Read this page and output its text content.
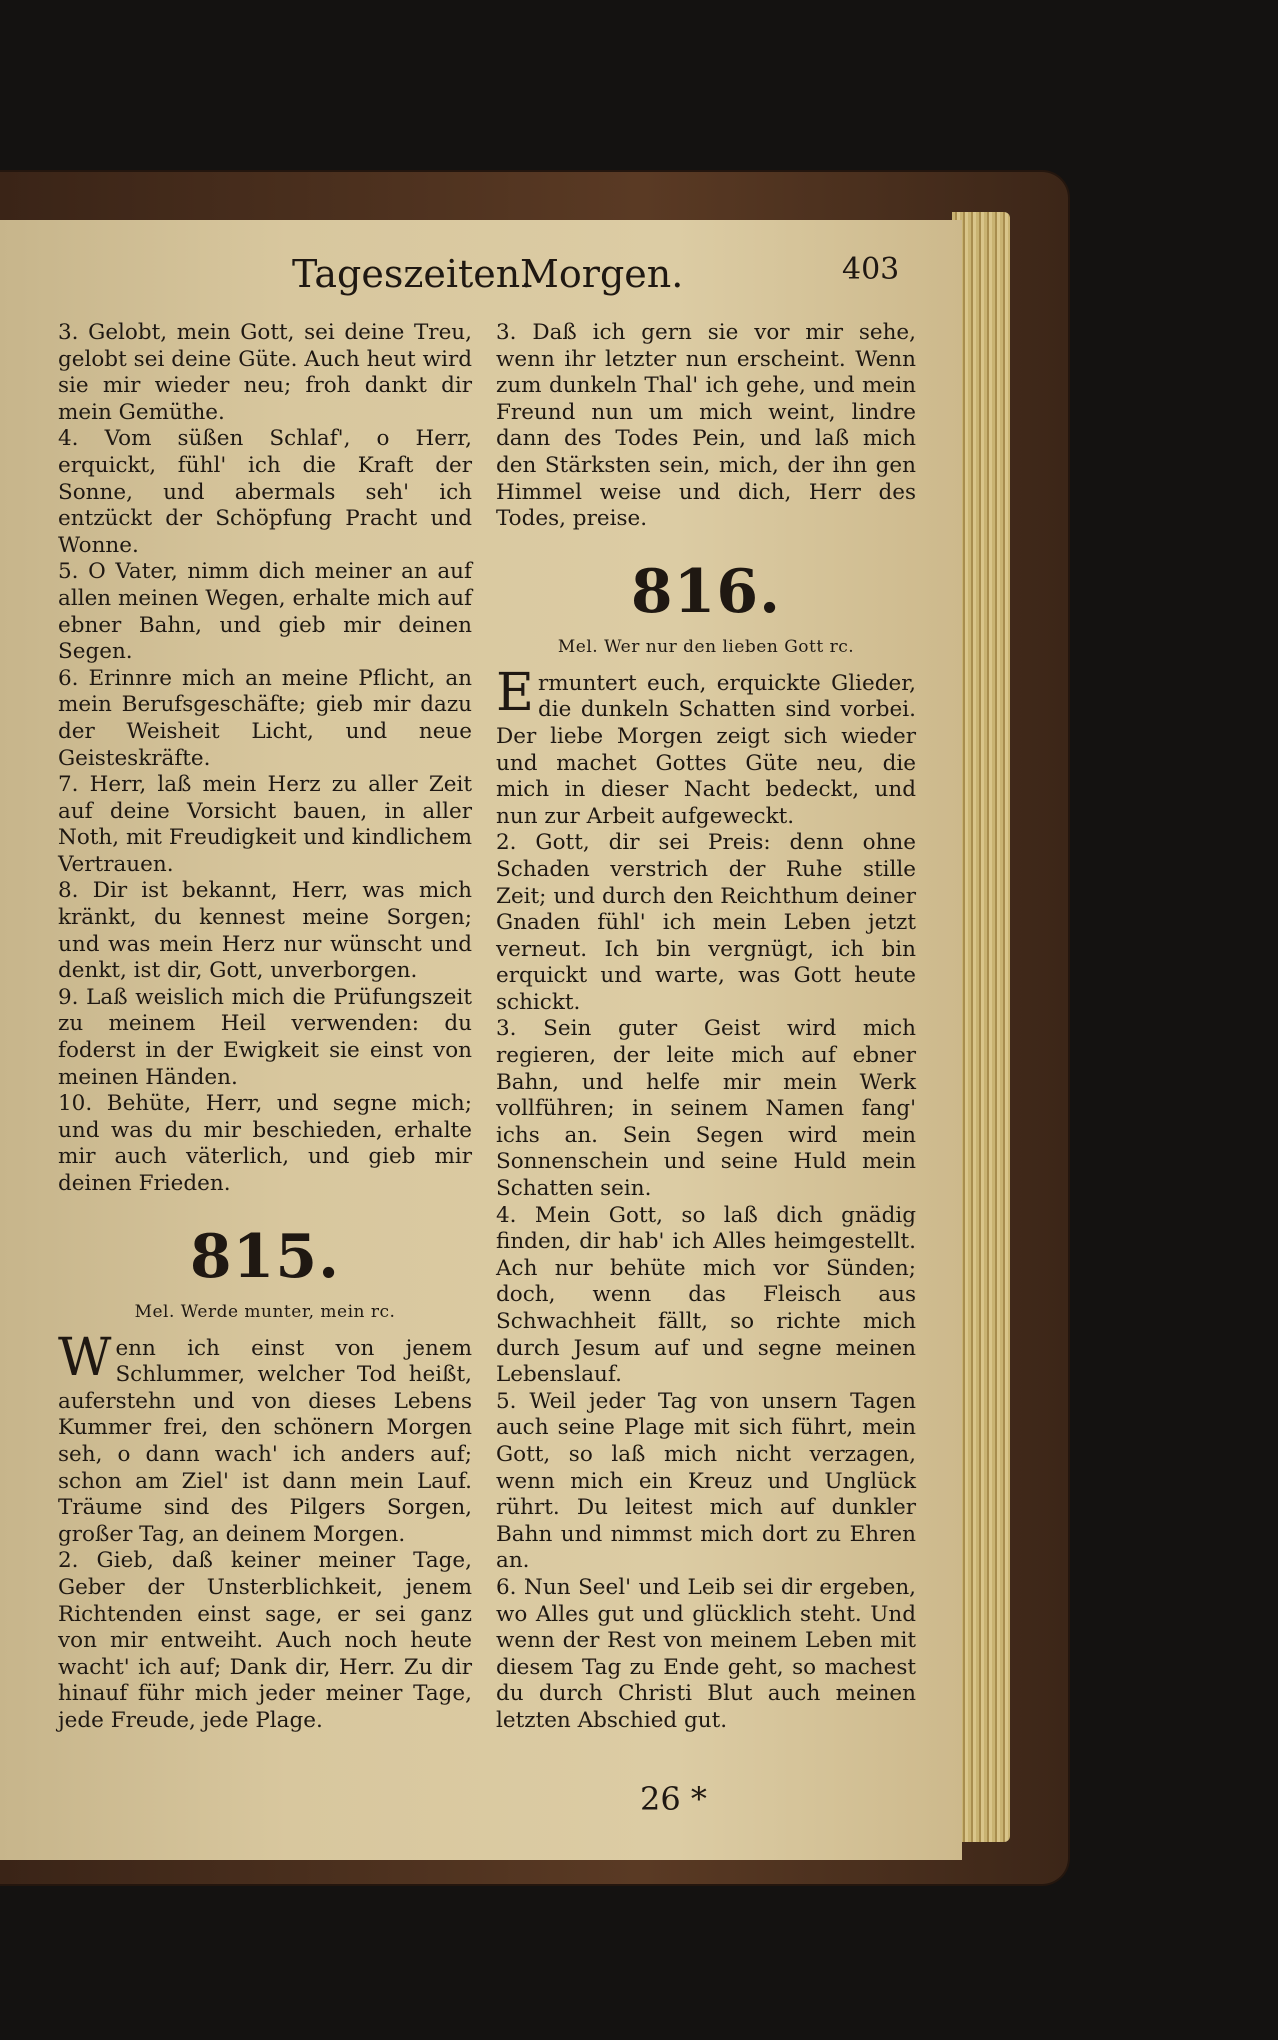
Tageszeiten.
Morgen.	403

3. Gelobt, mein Gott, sei deine Treu, gelobt sei deine Güte. Auch heut wird sie mir wieder neu; froh dankt dir mein Gemüthe.

4. Vom süßen Schlaf', o Herr, erquickt, fühl' ich die Kraft der Sonne, und abermals seh' ich entzückt der Schöpfung Pracht und Wonne.

5. O Vater, nimm dich meiner an auf allen meinen Wegen, erhalte mich auf ebner Bahn, und gieb mir deinen Segen.

6. Erinnre mich an meine Pflicht, an mein Berufsgeschäfte; gieb mir dazu der Weisheit Licht, und neue Geisteskräfte.

7. Herr, laß mein Herz zu aller Zeit auf deine Vorsicht bauen, in aller Noth, mit Freudigkeit und kindlichem Vertrauen.

8. Dir ist bekannt, Herr, was mich kränkt, du kennest meine Sorgen; und was mein Herz nur wünscht und denkt, ist dir, Gott, unverborgen.

9. Laß weislich mich die Prüfungszeit zu meinem Heil verwenden: du foderst in der Ewigkeit sie einst von meinen Händen.

10. Behüte, Herr, und segne mich; und was du mir beschieden, erhalte mir auch väterlich, und gieb mir deinen Frieden.

815.
Mel. Werde munter, mein rc.

Wenn ich einst von jenem Schlummer, welcher Tod heißt, auferstehn und von dieses Lebens Kummer frei, den schönern Morgen seh, o dann wach' ich anders auf; schon am Ziel' ist dann mein Lauf. Träume sind des Pilgers Sorgen, großer Tag, an deinem Morgen.

2. Gieb, daß keiner meiner Tage, Geber der Unsterblichkeit, jenem Richtenden einst sage, er sei ganz von mir entweiht. Auch noch heute wacht' ich auf; Dank dir, Herr. Zu dir hinauf führ mich jeder meiner Tage, jede Freude, jede Plage.

3. Daß ich gern sie vor mir sehe, wenn ihr letzter nun erscheint. Wenn zum dunkeln Thal' ich gehe, und mein Freund nun um mich weint, lindre dann des Todes Pein, und laß mich den Stärksten sein, mich, der ihn gen Himmel weise und dich, Herr des Todes, preise.

816.
Mel. Wer nur den lieben Gott rc.

Ermuntert euch, erquickte Glieder, die dunkeln Schatten sind vorbei. Der liebe Morgen zeigt sich wieder und machet Gottes Güte neu, die mich in dieser Nacht bedeckt, und nun zur Arbeit aufgeweckt.

2. Gott, dir sei Preis: denn ohne Schaden verstrich der Ruhe stille Zeit; und durch den Reichthum deiner Gnaden fühl' ich mein Leben jetzt verneut. Ich bin vergnügt, ich bin erquickt und warte, was Gott heute schickt.

3. Sein guter Geist wird mich regieren, der leite mich auf ebner Bahn, und helfe mir mein Werk vollführen; in seinem Namen fang' ichs an. Sein Segen wird mein Sonnenschein und seine Huld mein Schatten sein.

4. Mein Gott, so laß dich gnädig finden, dir hab' ich Alles heimgestellt. Ach nur behüte mich vor Sünden; doch, wenn das Fleisch aus Schwachheit fällt, so richte mich durch Jesum auf und segne meinen Lebenslauf.

5. Weil jeder Tag von unsern Tagen auch seine Plage mit sich führt, mein Gott, so laß mich nicht verzagen, wenn mich ein Kreuz und Unglück rührt. Du leitest mich auf dunkler Bahn und nimmst mich dort zu Ehren an.

6. Nun Seel' und Leib sei dir ergeben, wo Alles gut und glücklich steht. Und wenn der Rest von meinem Leben mit diesem Tag zu Ende geht, so machest du durch Christi Blut auch meinen letzten Abschied gut.

26 *
